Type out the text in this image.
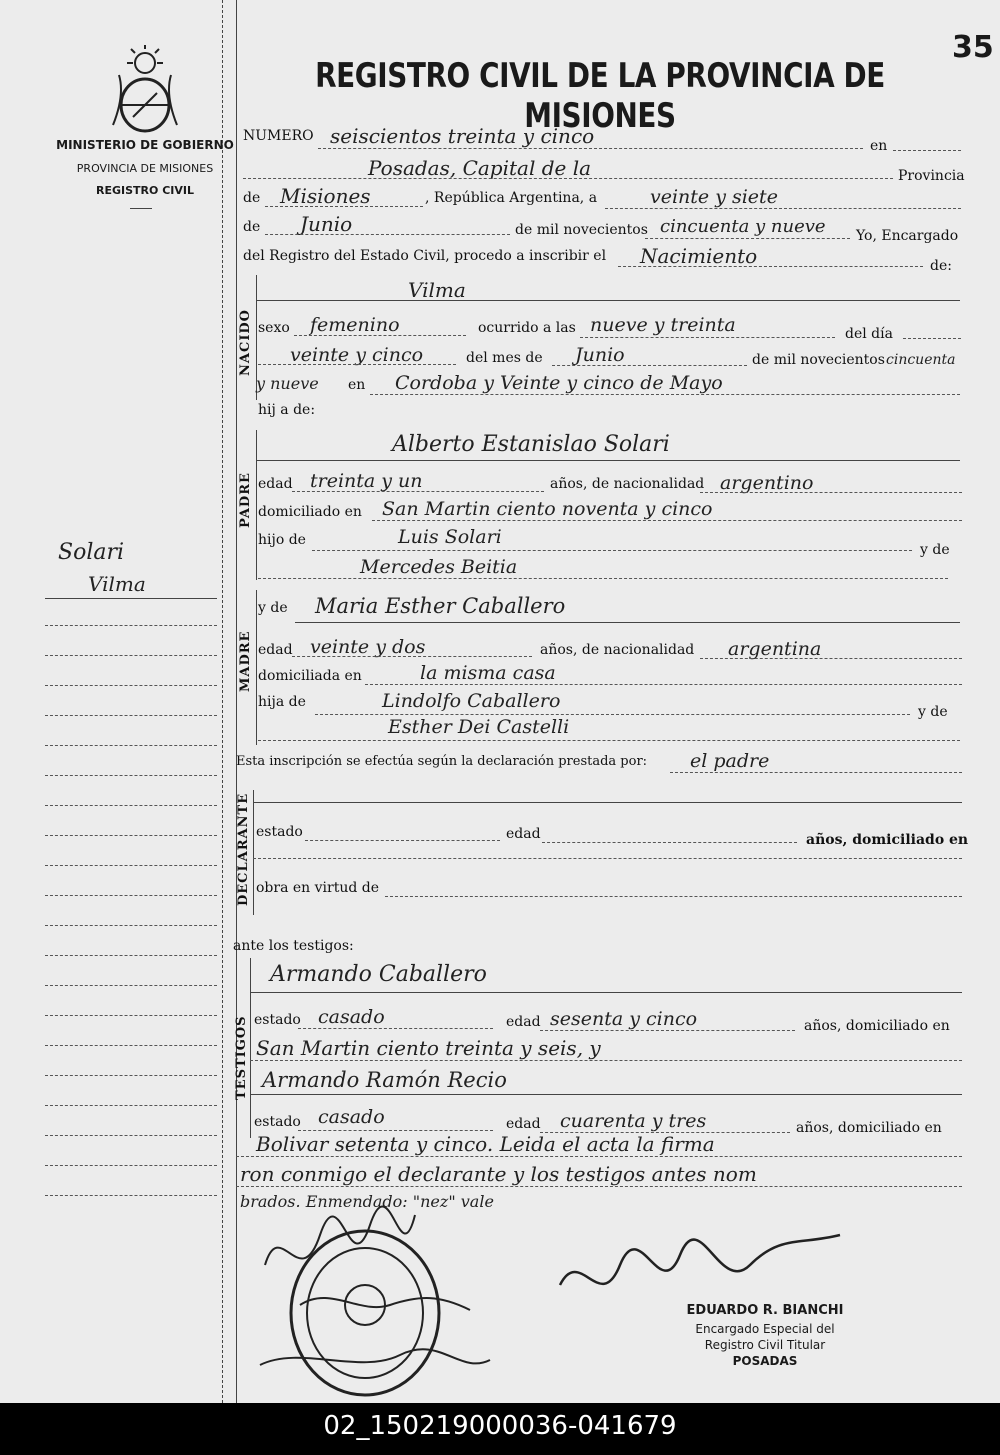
35
MINISTERIO DE GOBIERNO
PROVINCIA DE MISIONES
REGISTRO CIVIL
REGISTRO CIVIL DE LA PROVINCIA DE MISIONES
Solari
Vilma
NUMERO seiscientos treinta y cinco	en
Posadas, Capital de la	Provincia
de Misiones	, República Argentina, a	veinte y siete
de Junio	de mil novecientos cincuenta y nueve Yo, Encargado
del Registro del Estado Civil, procedo a inscribir el Nacimiento	de:
NACIDO
Vilma
sexo femenino	ocurrido a las nueve y treinta	del día
veinte y cinco	del mes de Junio	de mil novecientos cincuenta
y nueve en Cordoba y Veinte y cinco de Mayo
hij a de:
PADRE
Alberto Estanislao Solari
edad treinta y un	años, de nacionalidad argentino
domiciliado en San Martin ciento noventa y cinco
hijo de	Luis Solari
y de
Mercedes Beitia
MADRE
y de Maria Esther Caballero
edad veinte y dos	años, de nacionalidad argentina
domiciliada en	la misma casa
hija de	Lindolfo Caballero	y de
Esther Dei Castelli
Esta inscripción se efectúa según la declaración prestada por: el padre
DECLARANTE estado	edad	años, domiciliado en
obra en virtud de
ante los testigos:
TESTIGOS
Armando Caballero
estado casado	edad sesenta y cinco	años, domiciliado en
San Martin ciento treinta y seis, y
Armando Ramón Recio
estado casado	edad cuarenta y tres	años, domiciliado en
Bolivar setenta y cinco. Leida el acta la firma
ron conmigo el declarante y los testigos antes nom
brados. Enmendado: "nez" vale
EDUARDO R. BIANCHI
Encargado Especial del
Registro Civil Titular
POSADAS
02_150219000036-041679
